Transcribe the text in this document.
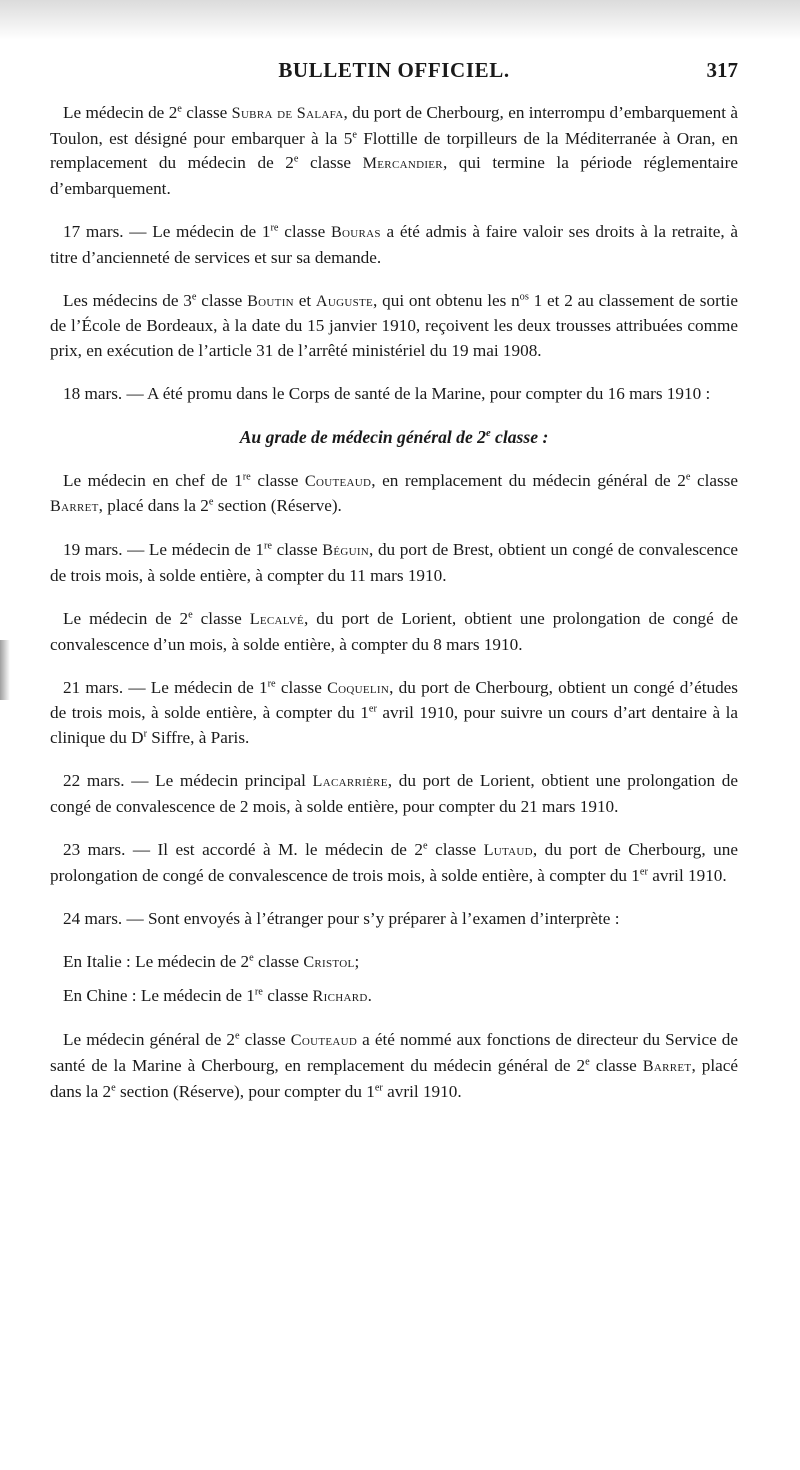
BULLETIN OFFICIEL.	317

Le médecin de 2e classe Subra de Salafa, du port de Cherbourg, en interrompu d’embarquement à Toulon, est désigné pour embarquer à la 5e Flottille de torpilleurs de la Méditerranée à Oran, en remplacement du médecin de 2e classe Mercandier, qui termine la période réglementaire d’embarquement.

17 mars. — Le médecin de 1re classe Bouras a été admis à faire valoir ses droits à la retraite, à titre d’ancienneté de services et sur sa demande.

Les médecins de 3e classe Boutin et Auguste, qui ont obtenu les $n^{os}$ 1 et 2 au classement de sortie de l’École de Bordeaux, à la date du 15 janvier 1910, reçoivent les deux trousses attribuées comme prix, en exécution de l’article 31 de l’arrêté ministériel du 19 mai 1908.

18 mars. — A été promu dans le Corps de santé de la Marine, pour compter du 16 mars 1910 :

Au grade de médecin général de 2e classe :

Le médecin en chef de 1re classe Couteaud, en remplacement du médecin général de 2e classe Barret, placé dans la 2e section (Réserve).

19 mars. — Le médecin de 1re classe Béguin, du port de Brest, obtient un congé de convalescence de trois mois, à solde entière, à compter du 11 mars 1910.

Le médecin de 2e classe Lecalvé, du port de Lorient, obtient une prolongation de congé de convalescence d’un mois, à solde entière, à compter du 8 mars 1910.

21 mars. — Le médecin de 1re classe Coquelin, du port de Cherbourg, obtient un congé d’études de trois mois, à solde entière, à compter du 1er avril 1910, pour suivre un cours d’art dentaire à la clinique du $D^r$ Siffre, à Paris.

22 mars. — Le médecin principal Lacarrière, du port de Lorient, obtient une prolongation de congé de convalescence de 2 mois, à solde entière, pour compter du 21 mars 1910.

23 mars. — Il est accordé à M. le médecin de 2e classe Lutaud, du port de Cherbourg, une prolongation de congé de convalescence de trois mois, à solde entière, à compter du 1er avril 1910.

24 mars. — Sont envoyés à l’étranger pour s’y préparer à l’examen d’interprète :

En Italie : Le médecin de 2e classe Cristol;

En Chine : Le médecin de 1re classe Richard.

Le médecin général de 2e classe Couteaud a été nommé aux fonctions de directeur du Service de santé de la Marine à Cherbourg, en remplacement du médecin général de 2e classe Barret, placé dans la 2e section (Réserve), pour compter du 1er avril 1910.
